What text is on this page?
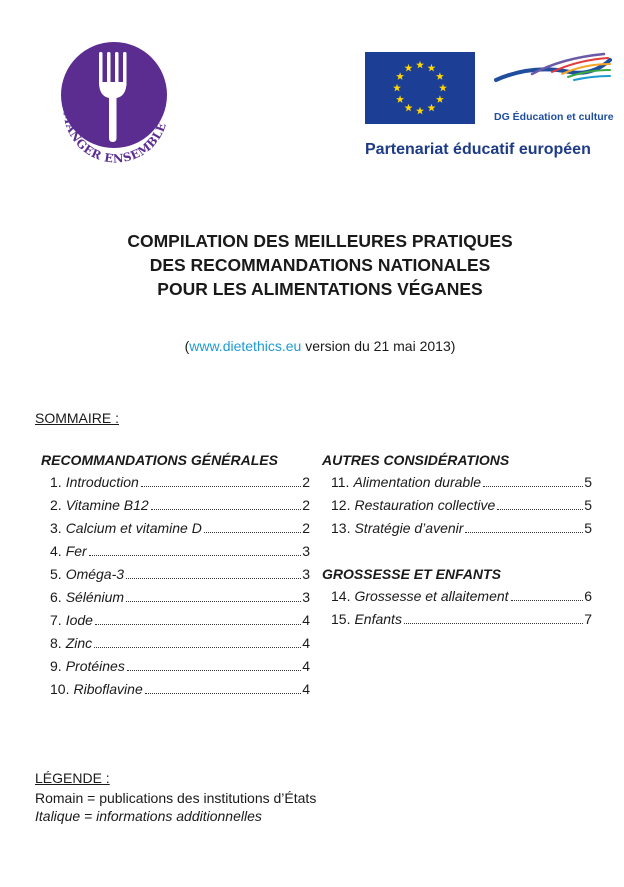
MANGER ENSEMBLE
DG Éducation et culture
Partenariat éducatif européen
COMPILATION DES MEILLEURES PRATIQUES
DES RECOMMANDATIONS NATIONALES
POUR LES ALIMENTATIONS VÉGANES
(www.dietethics.eu version du 21 mai 2013)
SOMMAIRE :
RECOMMANDATIONS GÉNÉRALES	AUTRES CONSIDÉRATIONS
GROSSESSE ET ENFANTS
1. Introduction	2
2. Vitamine B12	2
3. Calcium et vitamine D	2
4. Fer	3
5. Oméga-3	3
6. Sélénium	3
7. Iode	4
8. Zinc	4
9. Protéines	4
10. Riboflavine	4
11. Alimentation durable	5
12. Restauration collective	5
13. Stratégie d’avenir	5
14. Grossesse et allaitement	6
15. Enfants	7
LÉGENDE :
Romain = publications des institutions d’États
Italique = informations additionnelles
